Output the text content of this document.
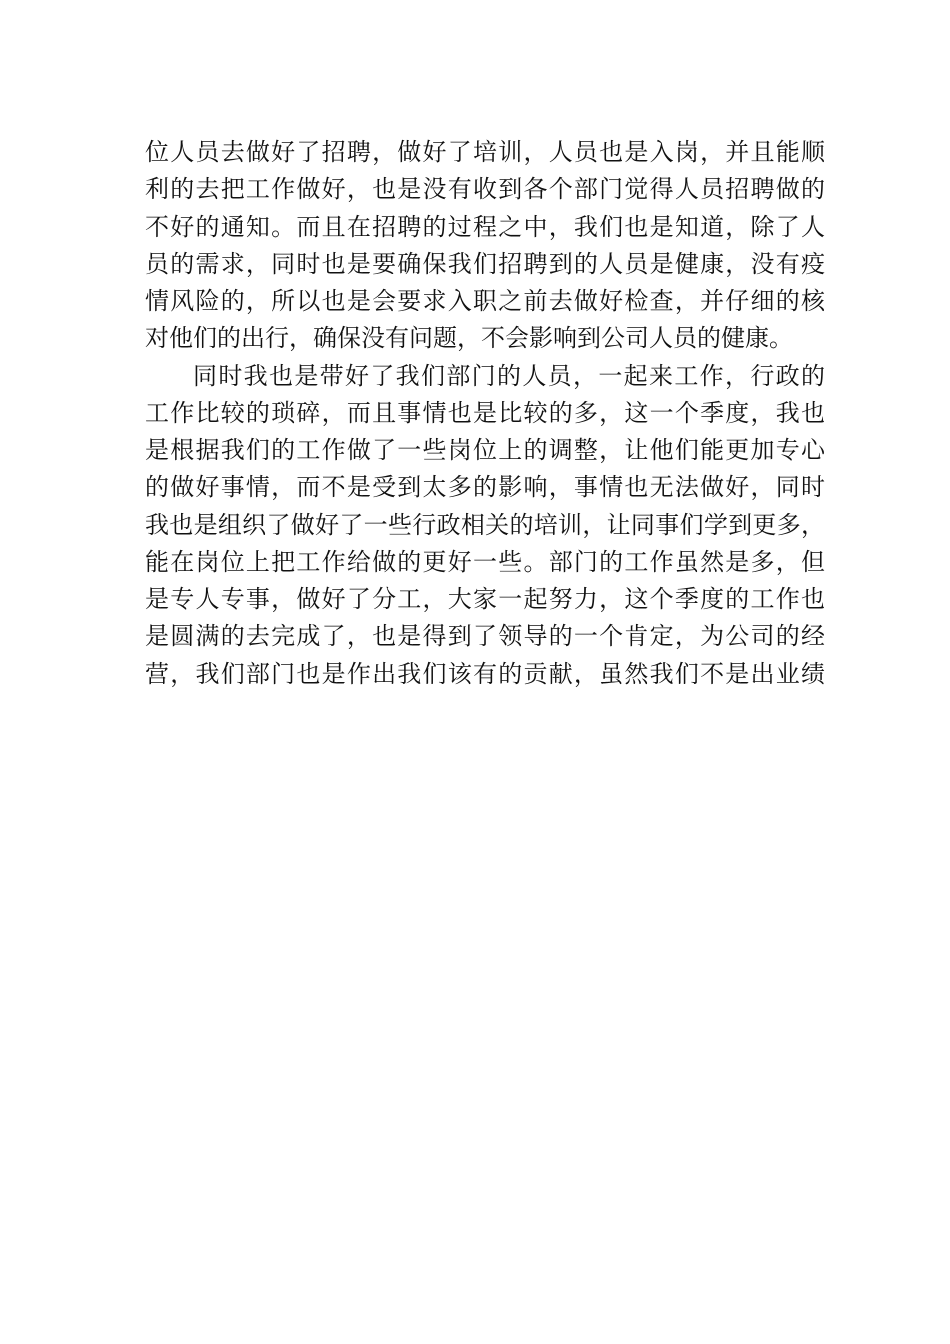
位人员去做好了招聘，做好了培训，人员也是入岗，并且能顺
利的去把工作做好，也是没有收到各个部门觉得人员招聘做的
不好的通知。而且在招聘的过程之中，我们也是知道，除了人
员的需求，同时也是要确保我们招聘到的人员是健康，没有疫
情风险的，所以也是会要求入职之前去做好检查，并仔细的核
对他们的出行，确保没有问题，不会影响到公司人员的健康。
同时我也是带好了我们部门的人员，一起来工作，行政的
工作比较的琐碎，而且事情也是比较的多，这一个季度，我也
是根据我们的工作做了一些岗位上的调整，让他们能更加专心
的做好事情，而不是受到太多的影响，事情也无法做好，同时
我也是组织了做好了一些行政相关的培训，让同事们学到更多，
能在岗位上把工作给做的更好一些。部门的工作虽然是多，但
是专人专事，做好了分工，大家一起努力，这个季度的工作也
是圆满的去完成了，也是得到了领导的一个肯定，为公司的经
营，我们部门也是作出我们该有的贡献，虽然我们不是出业绩
